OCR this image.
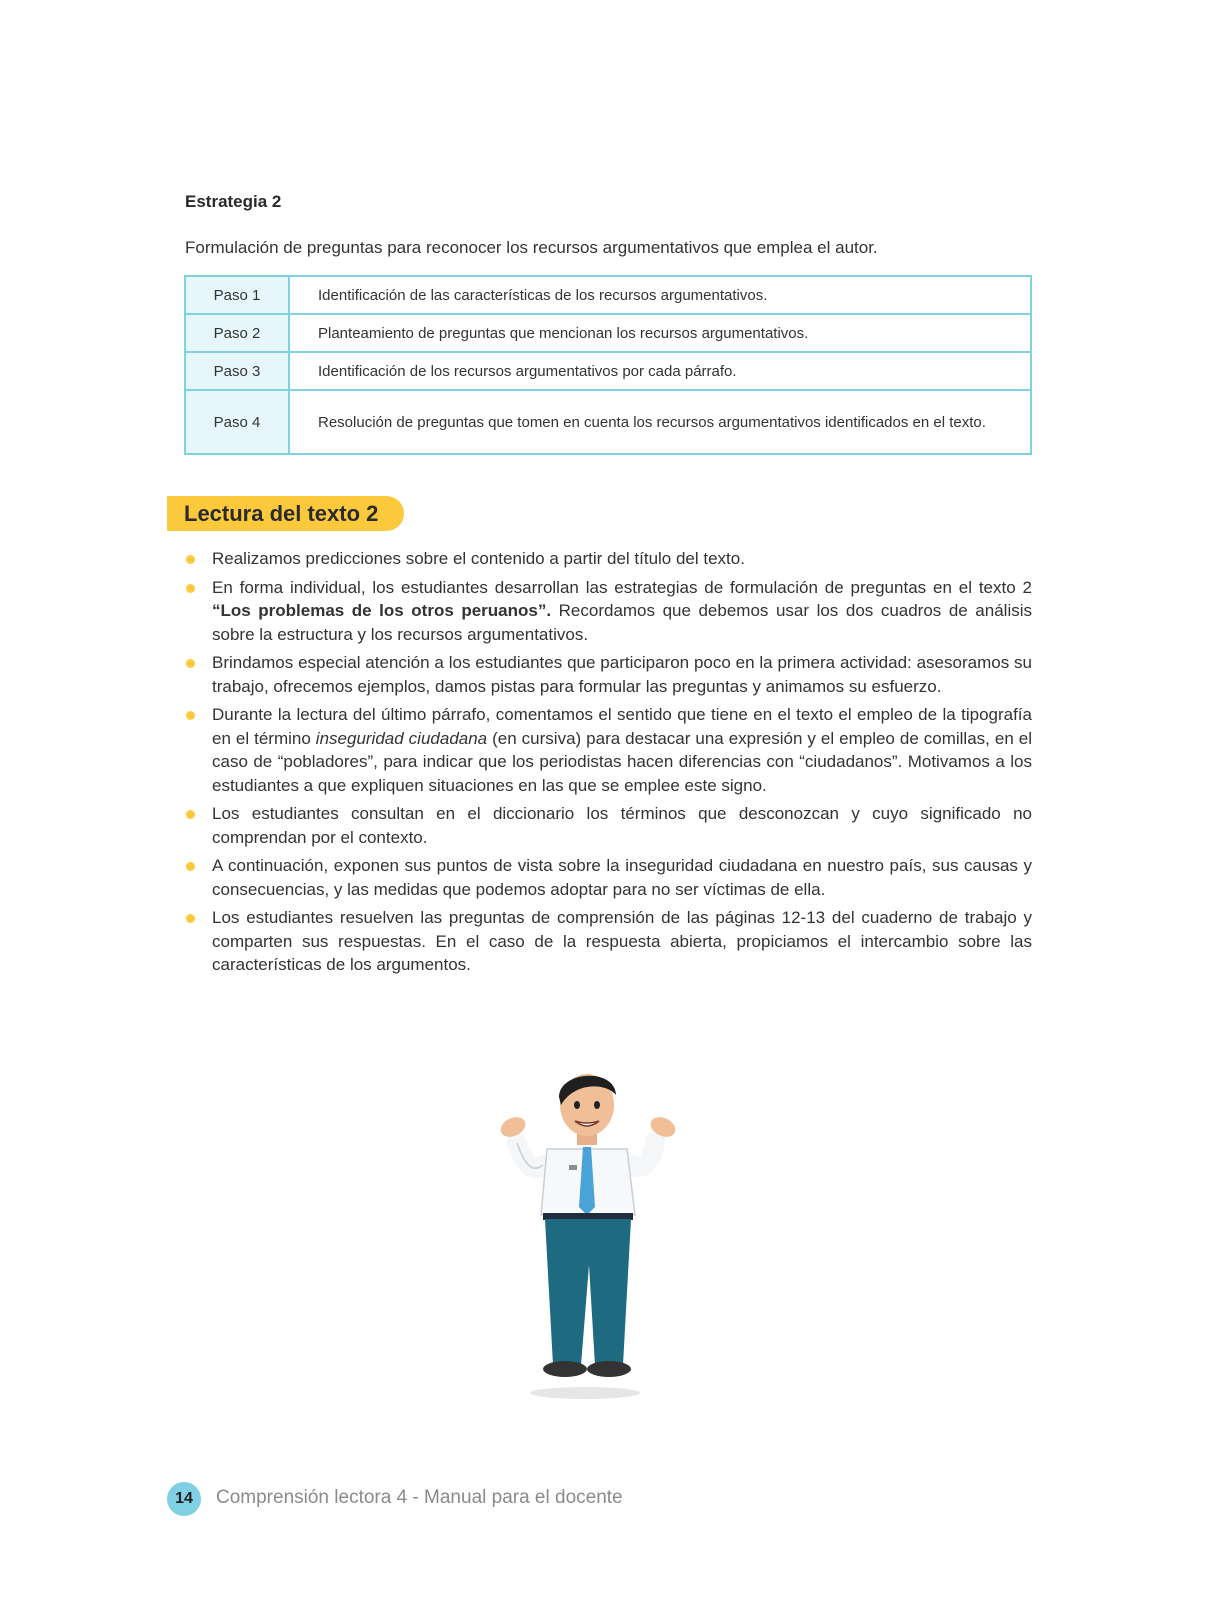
Estrategia 2
Formulación de preguntas para reconocer los recursos argumentativos que emplea el autor.
Paso 1	Identificación de las características de los recursos argumentativos.
Paso 2	Planteamiento de preguntas que mencionan los recursos argumentativos.
Paso 3	Identificación de los recursos argumentativos por cada párrafo.
Paso 4	Resolución de preguntas que tomen en cuenta los recursos argumentativos identificados en el texto.
Lectura del texto 2
Realizamos predicciones sobre el contenido a partir del título del texto.
En forma individual, los estudiantes desarrollan las estrategias de formulación de preguntas en el texto 2 “Los problemas de los otros peruanos”. Recordamos que debemos usar los dos cuadros de análisis sobre la estructura y los recursos argumentativos.
Brindamos especial atención a los estudiantes que participaron poco en la primera actividad: asesoramos su trabajo, ofrecemos ejemplos, damos pistas para formular las preguntas y animamos su esfuerzo.
Durante la lectura del último párrafo, comentamos el sentido que tiene en el texto el empleo de la tipografía en el término inseguridad ciudadana (en cursiva) para destacar una expresión y el empleo de comillas, en el caso de “pobladores”, para indicar que los periodistas hacen diferencias con “ciudadanos”. Motivamos a los estudiantes a que expliquen situaciones en las que se emplee este signo.
Los estudiantes consultan en el diccionario los términos que desconozcan y cuyo significado no comprendan por el contexto.
A continuación, exponen sus puntos de vista sobre la inseguridad ciudadana en nuestro país, sus causas y consecuencias, y las medidas que podemos adoptar para no ser víctimas de ella.
Los estudiantes resuelven las preguntas de comprensión de las páginas 12-13 del cuaderno de trabajo y comparten sus respuestas. En el caso de la respuesta abierta, propiciamos el intercambio sobre las características de los argumentos.
14	Comprensión lectora 4 - Manual para el docente
